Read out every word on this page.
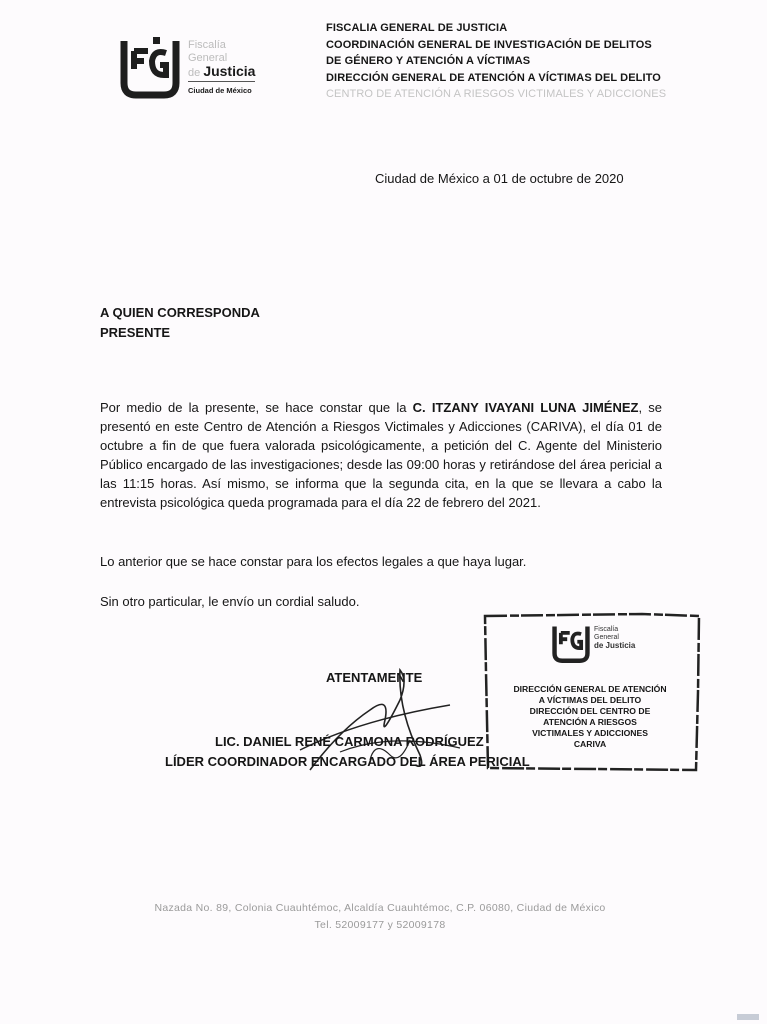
Fiscalía
General
de Justicia
Ciudad de México
FISCALIA GENERAL DE JUSTICIA
COORDINACIÓN GENERAL DE INVESTIGACIÓN DE DELITOS
DE GÉNERO Y ATENCIÓN A VÍCTIMAS
DIRECCIÓN GENERAL DE ATENCIÓN A VÍCTIMAS DEL DELITO
CENTRO DE ATENCIÓN A RIESGOS VICTIMALES Y ADICCIONES
Ciudad de México a 01 de octubre de 2020
A QUIEN CORRESPONDA
PRESENTE
Por medio de la presente, se hace constar que la C. ITZANY IVAYANI LUNA JIMÉNEZ, se presentó en este Centro de Atención a Riesgos Victimales y Adicciones (CARIVA), el día 01 de octubre a fin de que fuera valorada psicológicamente, a petición del C. Agente del Ministerio Público encargado de las investigaciones; desde las 09:00 horas y retirándose del área pericial a las 11:15 horas. Así mismo, se informa que la segunda cita, en la que se llevara a cabo la entrevista psicológica queda programada para el día 22 de febrero del 2021.
Lo anterior que se hace constar para los efectos legales a que haya lugar.
Sin otro particular, le envío un cordial saludo.
Fiscalía
General
de Justicia
DIRECCIÓN GENERAL DE ATENCIÓN
A VÍCTIMAS DEL DELITO
DIRECCIÓN DEL CENTRO DE
ATENCIÓN A RIESGOS
VICTIMALES Y ADICCIONES
CARIVA
ATENTAMENTE
LIC. DANIEL RENÉ CARMONA RODRÍGUEZ
LÍDER COORDINADOR ENCARGADO DEL ÁREA PERICIAL
Nazada No. 89, Colonia Cuauhtémoc, Alcaldía Cuauhtémoc, C.P. 06080, Ciudad de México
Tel. 52009177 y 52009178
